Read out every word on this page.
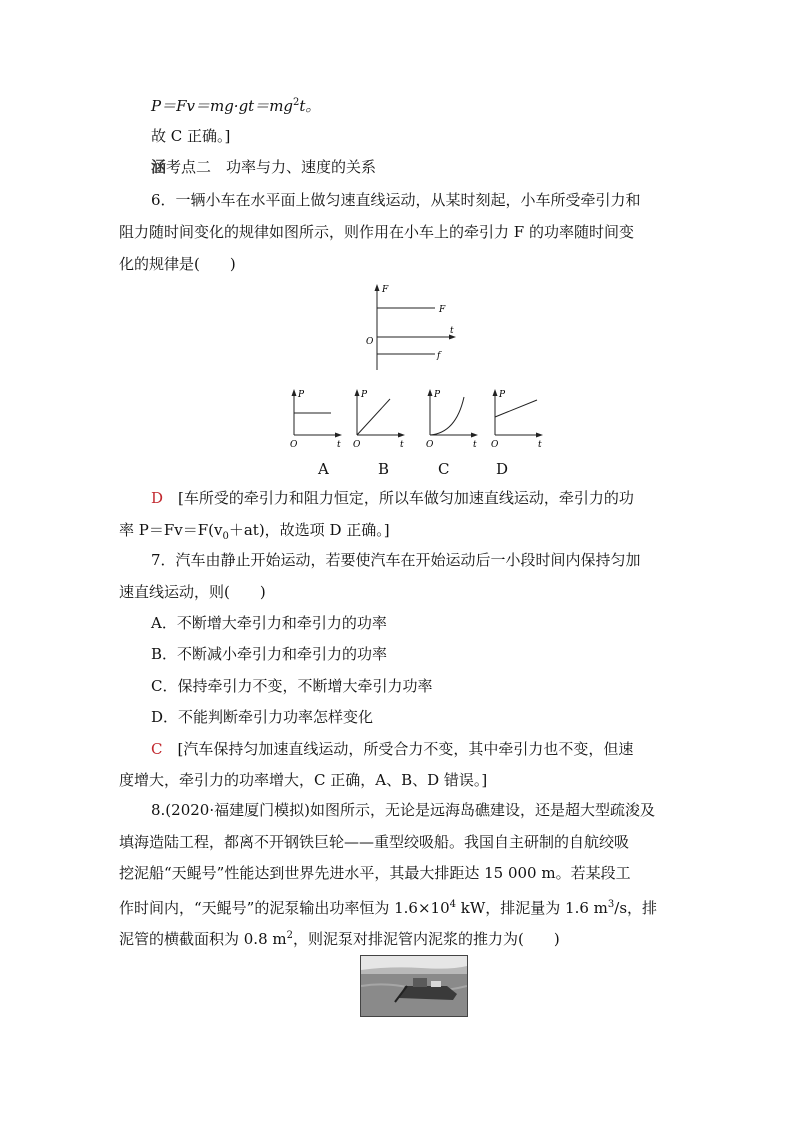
$P=Fv=mg\cdot gt=mg^2t$。
故 C 正确。]
涵考点二　功率与力、速度的关系
6．一辆小车在水平面上做匀速直线运动，从某时刻起，小车所受牵引力和
阻力随时间变化的规律如图所示，则作用在小车上的牵引力 F 的功率随时间变
化的规律是(　　)
F
F
t
O
f
P
O	t
P
O	t
P
O	t
P
O	t
A	B	C	D
D　 [车所受的牵引力和阻力恒定，所以车做匀加速直线运动，牵引力的功
率 $P=Fv=F(v_0+at)$，故选项 D 正确。]
7．汽车由静止开始运动，若要使汽车在开始运动后一小段时间内保持匀加
速直线运动，则(　　)
A．不断增大牵引力和牵引力的功率
B．不断减小牵引力和牵引力的功率
C．保持牵引力不变，不断增大牵引力功率
D．不能判断牵引力功率怎样变化
C　 [汽车保持匀加速直线运动，所受合力不变，其中牵引力也不变，但速
度增大，牵引力的功率增大，C 正确，A、B、D 错误。]
8.(2020·福建厦门模拟)如图所示，无论是远海岛礁建设，还是超大型疏浚及
填海造陆工程，都离不开钢铁巨轮——重型绞吸船。我国自主研制的自航绞吸
挖泥船“天鲲号”性能达到世界先进水平，其最大排距达 15 000 m。若某段工
作时间内，“天鲲号”的泥泵输出功率恒为 $1.6\times 10^4$ kW，排泥量为 1.6 $m^3/s$，排
泥管的横截面积为 0.8 $m^2$，则泥泵对排泥管内泥浆的推力为(　　)
